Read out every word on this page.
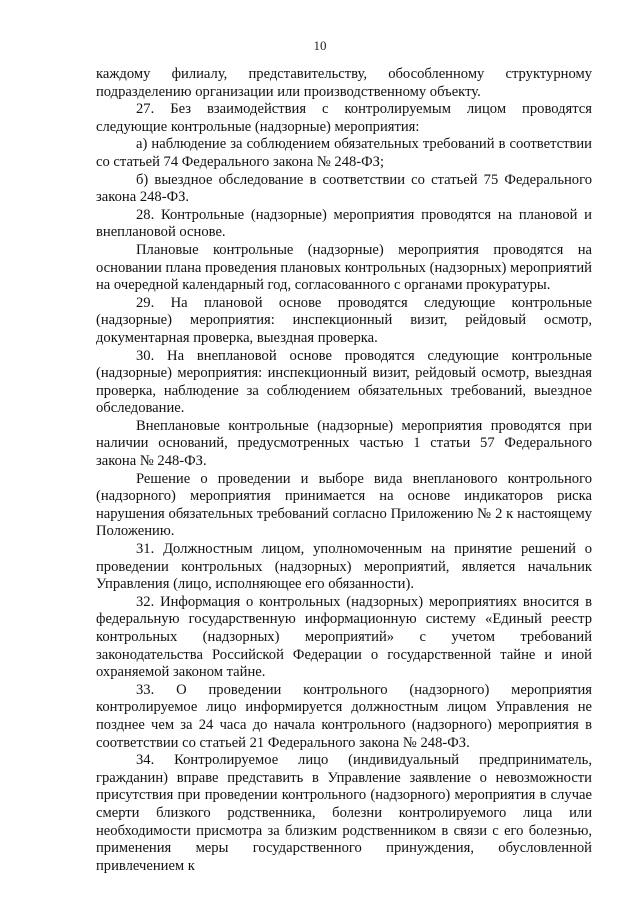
10

каждому филиалу, представительству, обособленному структурному подразделению организации или производственному объекту.

27. Без взаимодействия с контролируемым лицом проводятся следующие контрольные (надзорные) мероприятия:

а) наблюдение за соблюдением обязательных требований в соответствии со статьей 74 Федерального закона № 248-ФЗ;

б) выездное обследование в соответствии со статьей 75 Федерального закона 248-ФЗ.

28. Контрольные (надзорные) мероприятия проводятся на плановой и внеплановой основе.

Плановые контрольные (надзорные) мероприятия проводятся на основании плана проведения плановых контрольных (надзорных) мероприятий на очередной календарный год, согласованного с органами прокуратуры.

29. На плановой основе проводятся следующие контрольные (надзорные) мероприятия: инспекционный визит, рейдовый осмотр, документарная проверка, выездная проверка.

30. На внеплановой основе проводятся следующие контрольные (надзорные) мероприятия: инспекционный визит, рейдовый осмотр, выездная проверка, наблюдение за соблюдением обязательных требований, выездное обследование.

Внеплановые контрольные (надзорные) мероприятия проводятся при наличии оснований, предусмотренных частью 1 статьи 57 Федерального закона № 248-ФЗ.

Решение о проведении и выборе вида внепланового контрольного (надзорного) мероприятия принимается на основе индикаторов риска нарушения обязательных требований согласно Приложению № 2 к настоящему Положению.

31. Должностным лицом, уполномоченным на принятие решений о проведении контрольных (надзорных) мероприятий, является начальник Управления (лицо, исполняющее его обязанности).

32. Информация о контрольных (надзорных) мероприятиях вносится в федеральную государственную информационную систему «Единый реестр контрольных (надзорных) мероприятий» с учетом требований законодательства Российской Федерации о государственной тайне и иной охраняемой законом тайне.

33. О проведении контрольного (надзорного) мероприятия контролируемое лицо информируется должностным лицом Управления не позднее чем за 24 часа до начала контрольного (надзорного) мероприятия в соответствии со статьей 21 Федерального закона № 248-ФЗ.

34. Контролируемое лицо (индивидуальный предприниматель, гражданин) вправе представить в Управление заявление о невозможности присутствия при проведении контрольного (надзорного) мероприятия в случае смерти близкого родственника, болезни контролируемого лица или необходимости присмотра за близким родственником в связи с его болезнью, применения меры государственного принуждения, обусловленной привлечением к
